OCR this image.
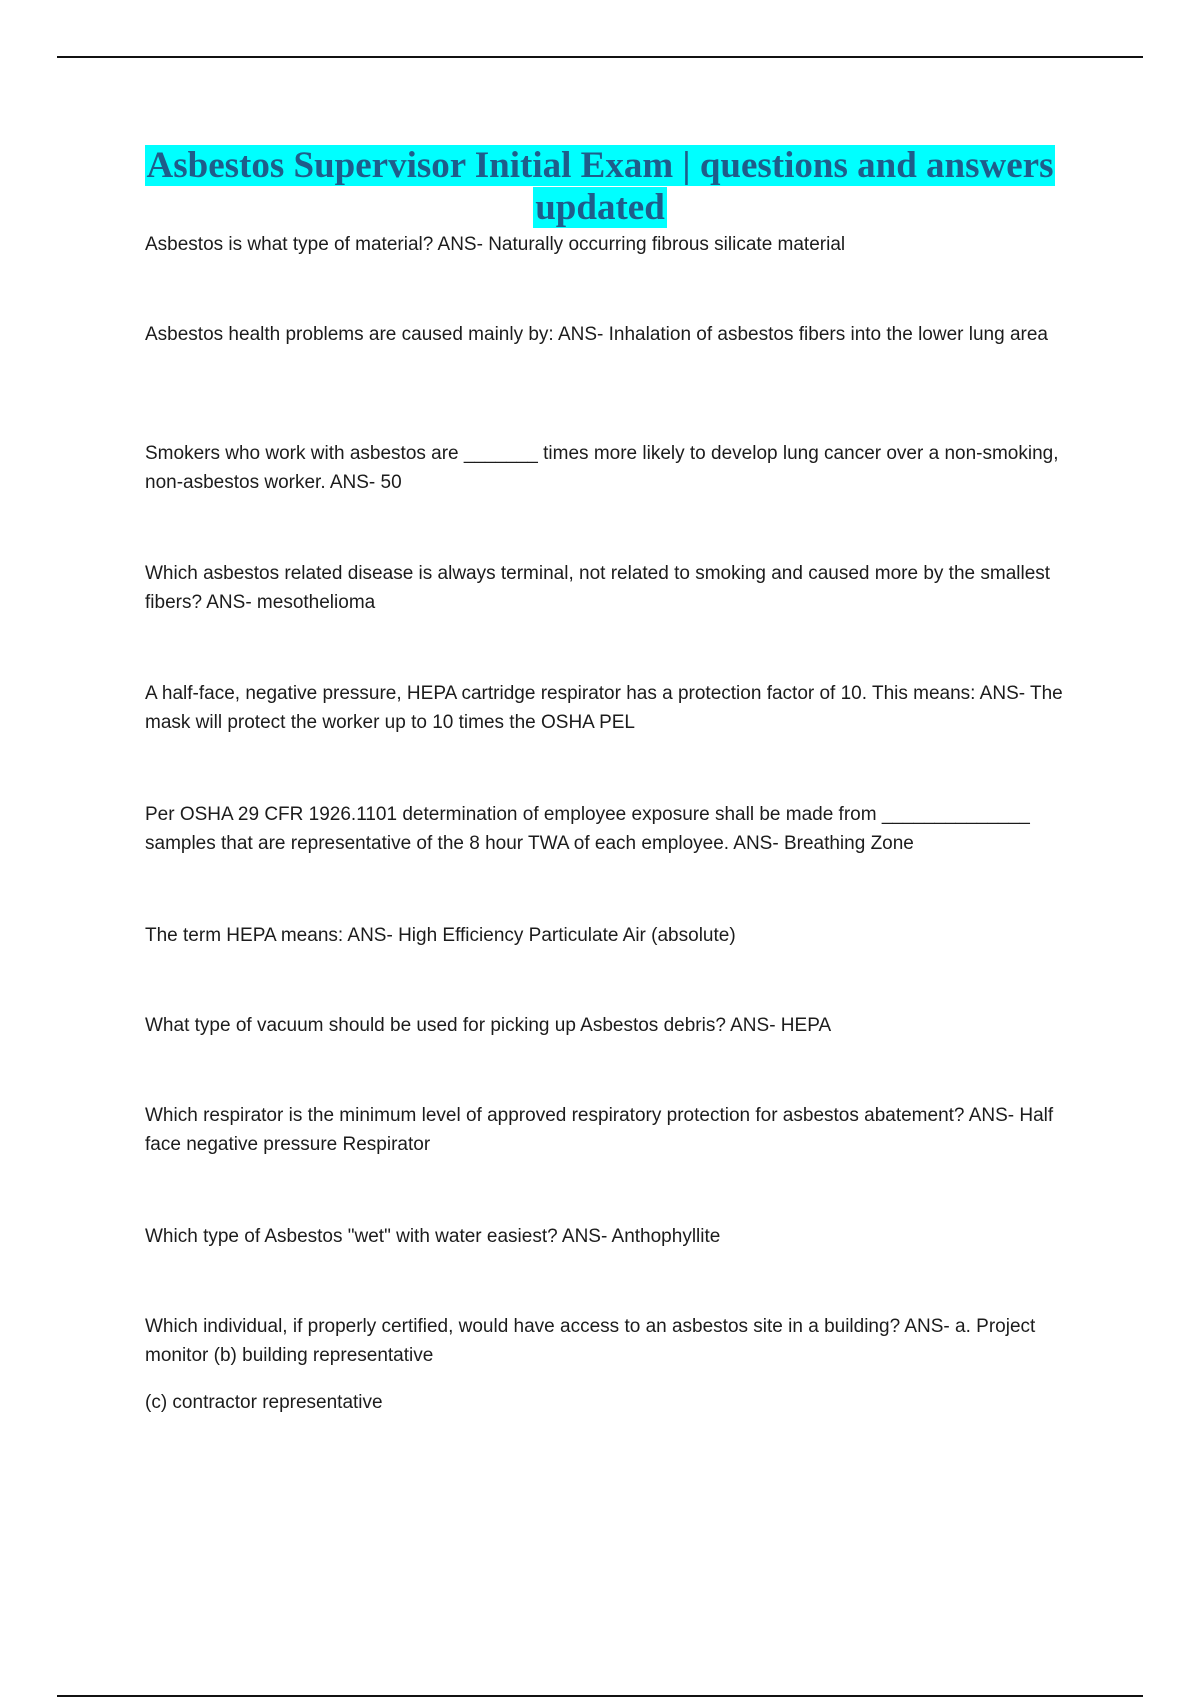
Asbestos Supervisor Initial Exam | questions and answers updated

Asbestos is what type of material? ANS- Naturally occurring fibrous silicate material

Asbestos health problems are caused mainly by: ANS- Inhalation of asbestos fibers into the lower lung area

Smokers who work with asbestos are _______ times more likely to develop lung cancer over a non-smoking, non-asbestos worker. ANS- 50

Which asbestos related disease is always terminal, not related to smoking and caused more by the smallest fibers? ANS- mesothelioma

A half-face, negative pressure, HEPA cartridge respirator has a protection factor of 10. This means: ANS- The mask will protect the worker up to 10 times the OSHA PEL

Per OSHA 29 CFR 1926.1101 determination of employee exposure shall be made from ______________ samples that are representative of the 8 hour TWA of each employee. ANS- Breathing Zone

The term HEPA means: ANS- High Efficiency Particulate Air (absolute)

What type of vacuum should be used for picking up Asbestos debris? ANS- HEPA

Which respirator is the minimum level of approved respiratory protection for asbestos abatement? ANS- Half face negative pressure Respirator

Which type of Asbestos "wet" with water easiest? ANS- Anthophyllite

Which individual, if properly certified, would have access to an asbestos site in a building? ANS- a. Project monitor (b) building representative

(c) contractor representative
